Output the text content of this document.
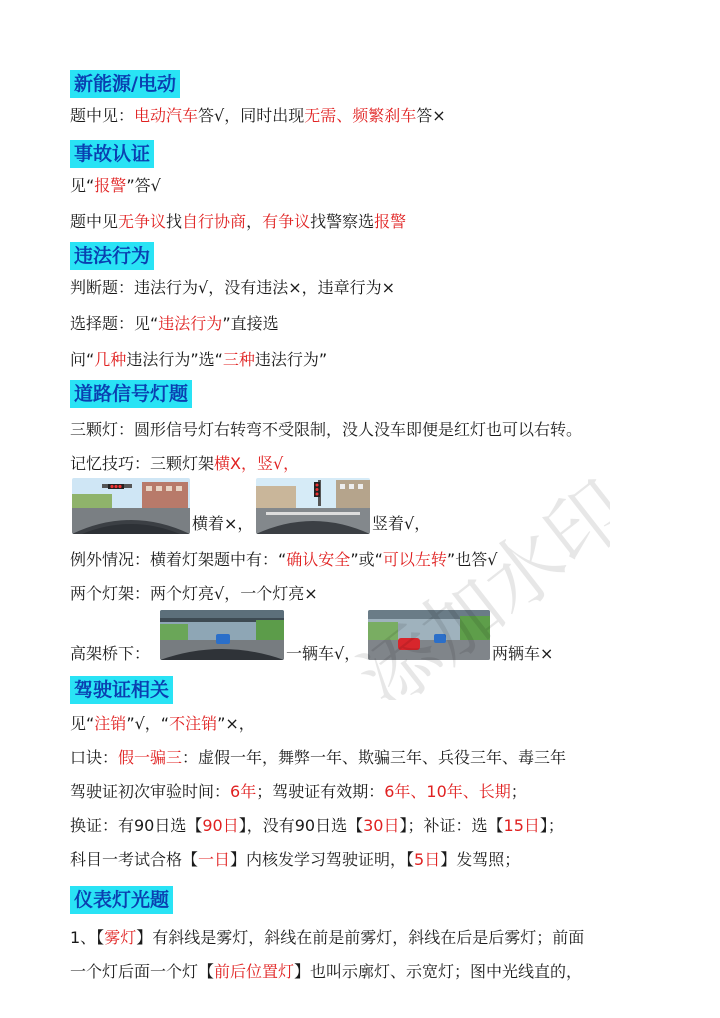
新能源/电动
题中见：电动汽车答√，同时出现无需、频繁刹车答×
事故认证
见“报警”答√
题中见无争议找自行协商，有争议找警察选报警
违法行为
判断题：违法行为√，没有违法×，违章行为×
选择题：见“违法行为”直接选
问“几种违法行为”选“三种违法行为”
道路信号灯题
三颗灯：圆形信号灯右转弯不受限制，没人没车即便是红灯也可以右转。
记忆技巧：三颗灯架横X，竖√，
横着×，	竖着√，
例外情况：横着灯架题中有：“确认安全”或“可以左转”也答√
两个灯架：两个灯亮√，一个灯亮×
高架桥下：	一辆车√，	两辆车×
驾驶证相关
见“注销”√，“不注销”×，
口诀：假一骗三：虚假一年，舞弊一年、欺骗三年、兵役三年、毒三年
驾驶证初次审验时间：6年；驾驶证有效期：6年、10年、长期；
换证：有90日选【90日】，没有90日选【30日】；补证：选【15日】；
科目一考试合格【一日】内核发学习驾驶证明，【5日】发驾照；
仪表灯光题
1、【雾灯】有斜线是雾灯，斜线在前是前雾灯，斜线在后是后雾灯；前面
一个灯后面一个灯【前后位置灯】也叫示廓灯、示宽灯；图中光线直的，
添加水印
